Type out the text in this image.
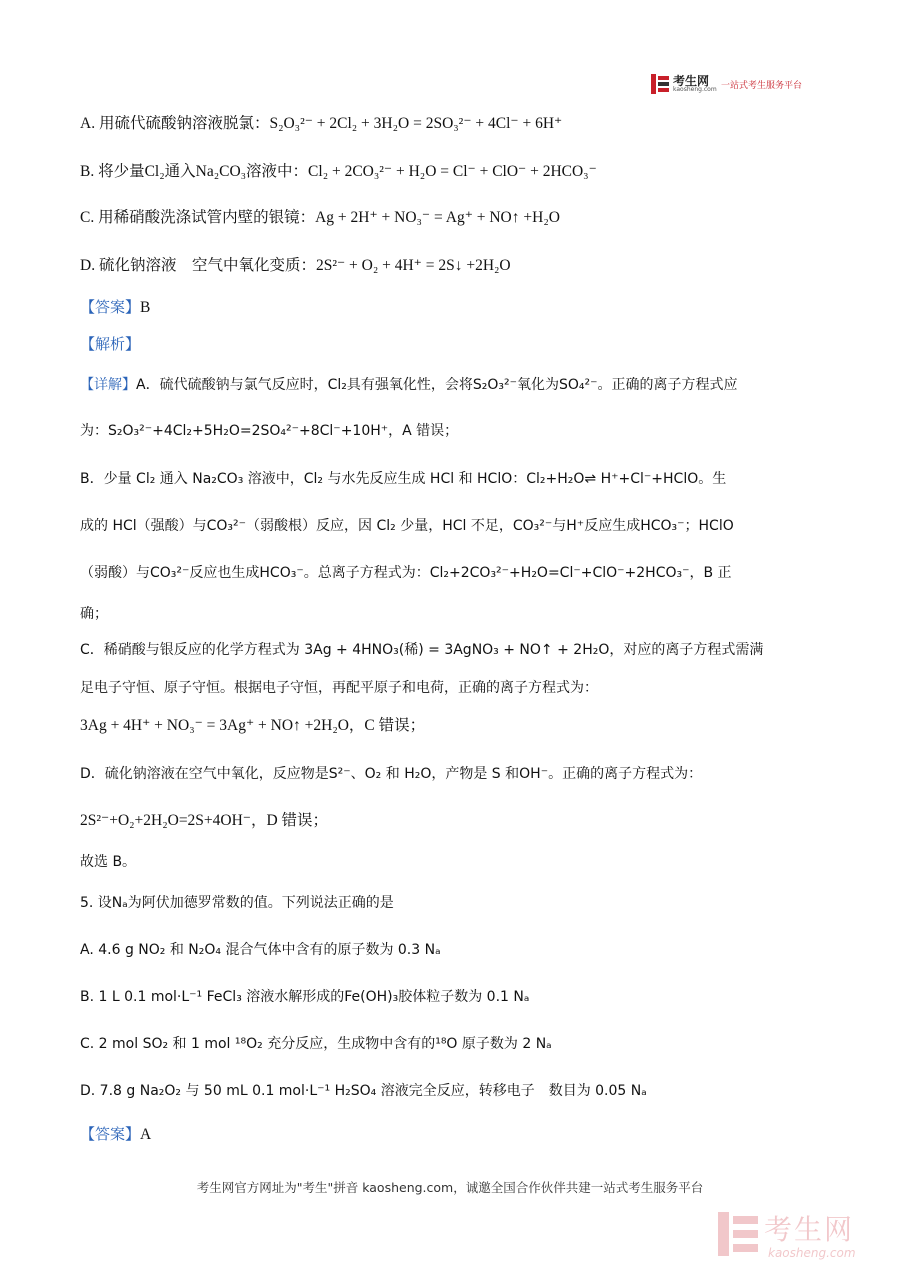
考生网
kaosheng.com 一站式考生服务平台
A. 用硫代硫酸钠溶液脱氯：S₂O₃²⁻ + 2Cl₂ + 3H₂O = 2SO₃²⁻ + 4Cl⁻ + 6H⁺
B. 将少量Cl₂通入Na₂CO₃溶液中：Cl₂ + 2CO₃²⁻ + H₂O = Cl⁻ + ClO⁻ + 2HCO₃⁻
C. 用稀硝酸洗涤试管内壁的银镜：Ag + 2H⁺ + NO₃⁻ = Ag⁺ + NO↑ +H₂O
D. 硫化钠溶液　空气中氧化变质：2S²⁻ + O₂ + 4H⁺ = 2S↓ +2H₂O
【答案】B
【解析】
【详解】A．硫代硫酸钠与氯气反应时，Cl₂具有强氧化性，会将S₂O₃²⁻氧化为SO₄²⁻。正确的离子方程式应
为：S₂O₃²⁻+4Cl₂+5H₂O=2SO₄²⁻+8Cl⁻+10H⁺，A 错误；
B．少量 Cl₂ 通入 Na₂CO₃ 溶液中，Cl₂ 与水先反应生成 HCl 和 HClO：Cl₂+H₂O⇌ H⁺+Cl⁻+HClO。生
成的 HCl（强酸）与CO₃²⁻（弱酸根）反应，因 Cl₂ 少量，HCl 不足，CO₃²⁻与H⁺反应生成HCO₃⁻；HClO
（弱酸）与CO₃²⁻反应也生成HCO₃⁻。总离子方程式为：Cl₂+2CO₃²⁻+H₂O=Cl⁻+ClO⁻+2HCO₃⁻，B 正
确；
C．稀硝酸与银反应的化学方程式为 3Ag + 4HNO₃(稀) = 3AgNO₃ + NO↑ + 2H₂O，对应的离子方程式需满
足电子守恒、原子守恒。根据电子守恒，再配平原子和电荷，正确的离子方程式为：
3Ag + 4H⁺ + NO₃⁻ = 3Ag⁺ + NO↑ +2H₂O，C 错误；
D．硫化钠溶液在空气中氧化，反应物是S²⁻、O₂ 和 H₂O，产物是 S 和OH⁻。正确的离子方程式为：
2S²⁻+O₂+2H₂O=2S+4OH⁻，D 错误；
故选 B。
5. 设Nₐ为阿伏加德罗常数的值。下列说法正确的是
A. 4.6 g NO₂ 和 N₂O₄ 混合气体中含有的原子数为 0.3 Nₐ
B. 1 L 0.1 mol·L⁻¹ FeCl₃ 溶液水解形成的Fe(OH)₃胶体粒子数为 0.1 Nₐ
C. 2 mol SO₂ 和 1 mol ¹⁸O₂ 充分反应，生成物中含有的¹⁸O 原子数为 2 Nₐ
D. 7.8 g Na₂O₂ 与 50 mL 0.1 mol·L⁻¹ H₂SO₄ 溶液完全反应，转移电子　数目为 0.05 Nₐ
【答案】A
考生网官方网址为"考生"拼音 kaosheng.com，诚邀全国合作伙伴共建一站式考生服务平台
考生网
kaosheng.com
